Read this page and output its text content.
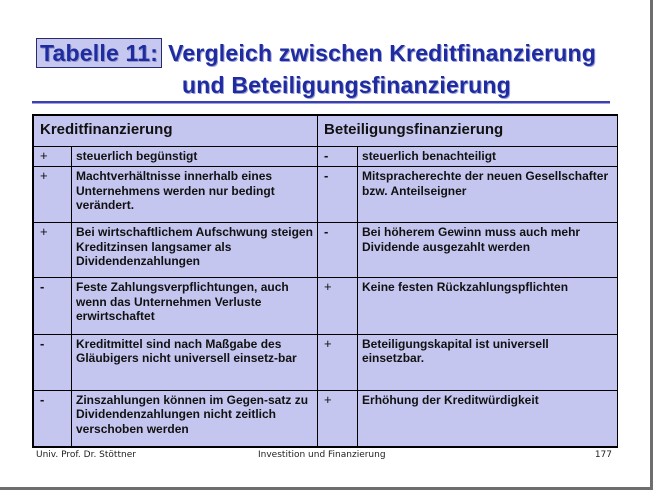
Tabelle 11: Vergleich zwischen Kreditfinanzierung
und Beteiligungsfinanzierung
Kreditfinanzierung		Beteiligungsfinanzierung	
+	steuerlich begünstigt	-	steuerlich benachteiligt
+	Machtverhältnisse innerhalb eines Unternehmens werden nur bedingt verändert.	-	Mitspracherechte der neuen Gesellschafter bzw. Anteilseigner
+	Bei wirtschaftlichem Aufschwung steigen Kreditzinsen langsamer als Dividendenzahlungen	-	Bei höherem Gewinn muss auch mehr Dividende ausgezahlt werden
-	Feste Zahlungsverpflichtungen, auch wenn das Unternehmen Verluste erwirtschaftet	+	Keine festen Rückzahlungspflichten
-	Kreditmittel sind nach Maßgabe des Gläubigers nicht universell einsetz-bar	+	Beteiligungskapital ist universell einsetzbar.
-	Zinszahlungen können im Gegen-satz zu Dividendenzahlungen nicht zeitlich verschoben werden	+	Erhöhung der Kreditwürdigkeit
Univ. Prof. Dr. Stöttner	Investition und Finanzierung	177
